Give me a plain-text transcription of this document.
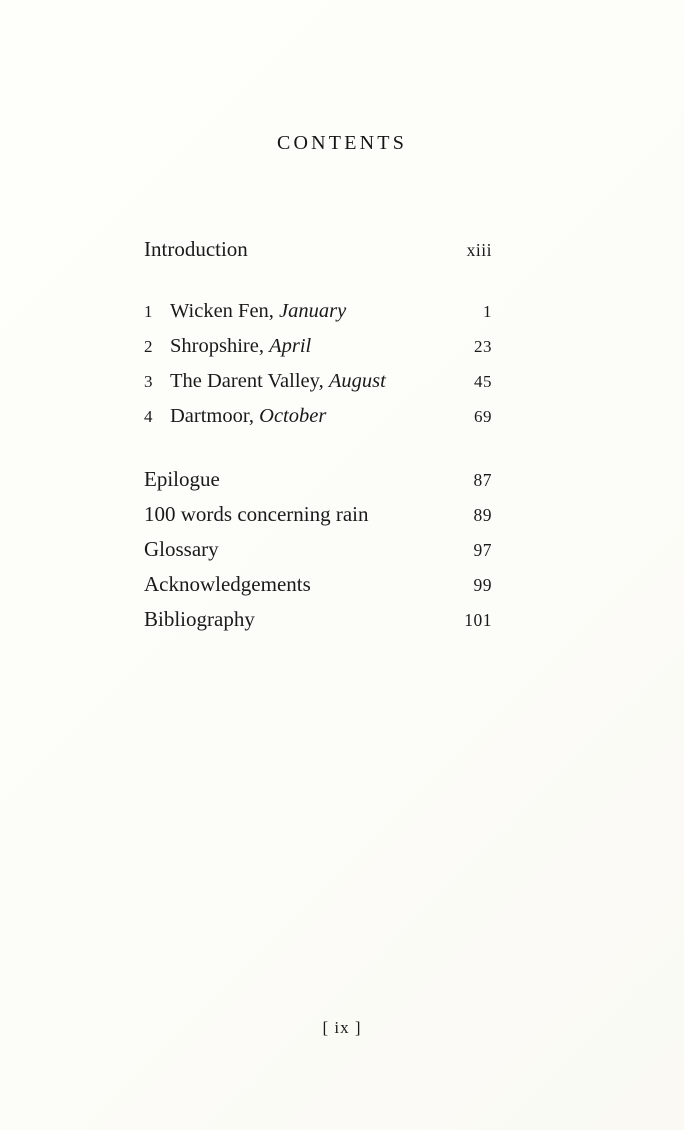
CONTENTS
Introduction	xiii
1 Wicken Fen, January	1
2 Shropshire, April	23
3 The Darent Valley, August	45
4 Dartmoor, October	69
Epilogue	87
100 words concerning rain	89
Glossary	97
Acknowledgements	99
Bibliography	101
[ ix ]
